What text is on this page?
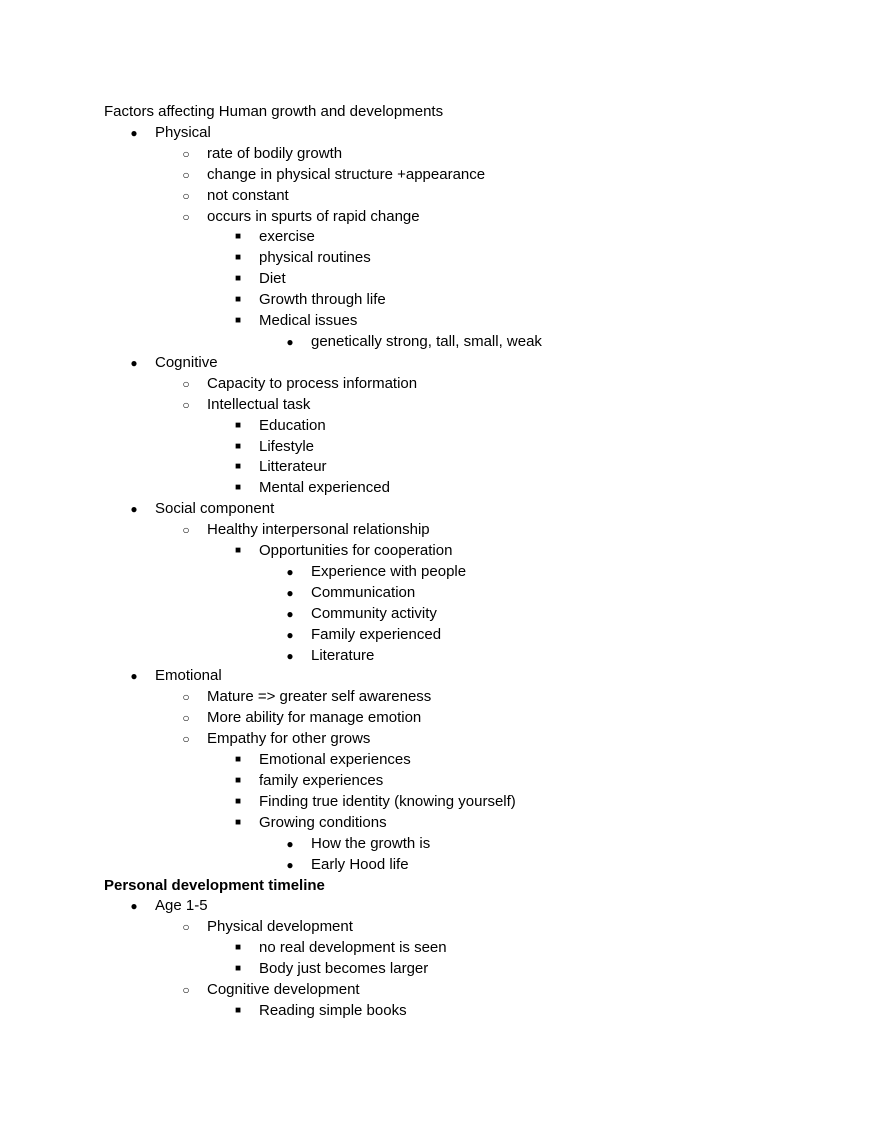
Factors affecting Human growth and developments
●	Physical
○	rate of bodily growth
○	change in physical structure +appearance
○	not constant
○	occurs in spurts of rapid change
■	exercise
■	physical routines
■	Diet
■	Growth through life
■	Medical issues
●	genetically strong, tall, small, weak
●	Cognitive
○	Capacity to process information
○	Intellectual task
■	Education
■	Lifestyle
■	Litterateur
■	Mental experienced
●	Social component
○	Healthy interpersonal relationship
■	Opportunities for cooperation
●	Experience with people
●	Communication
●	Community activity
●	Family experienced
●	Literature
●	Emotional
○	Mature => greater self awareness
○	More ability for manage emotion
○	Empathy for other grows
■	Emotional experiences
■	family experiences
■	Finding true identity (knowing yourself)
■	Growing conditions
●	How the growth is
●	Early Hood life
Personal development timeline
●	Age 1-5
○	Physical development
■	no real development is seen
■	Body just becomes larger
○	Cognitive development
■	Reading simple books
